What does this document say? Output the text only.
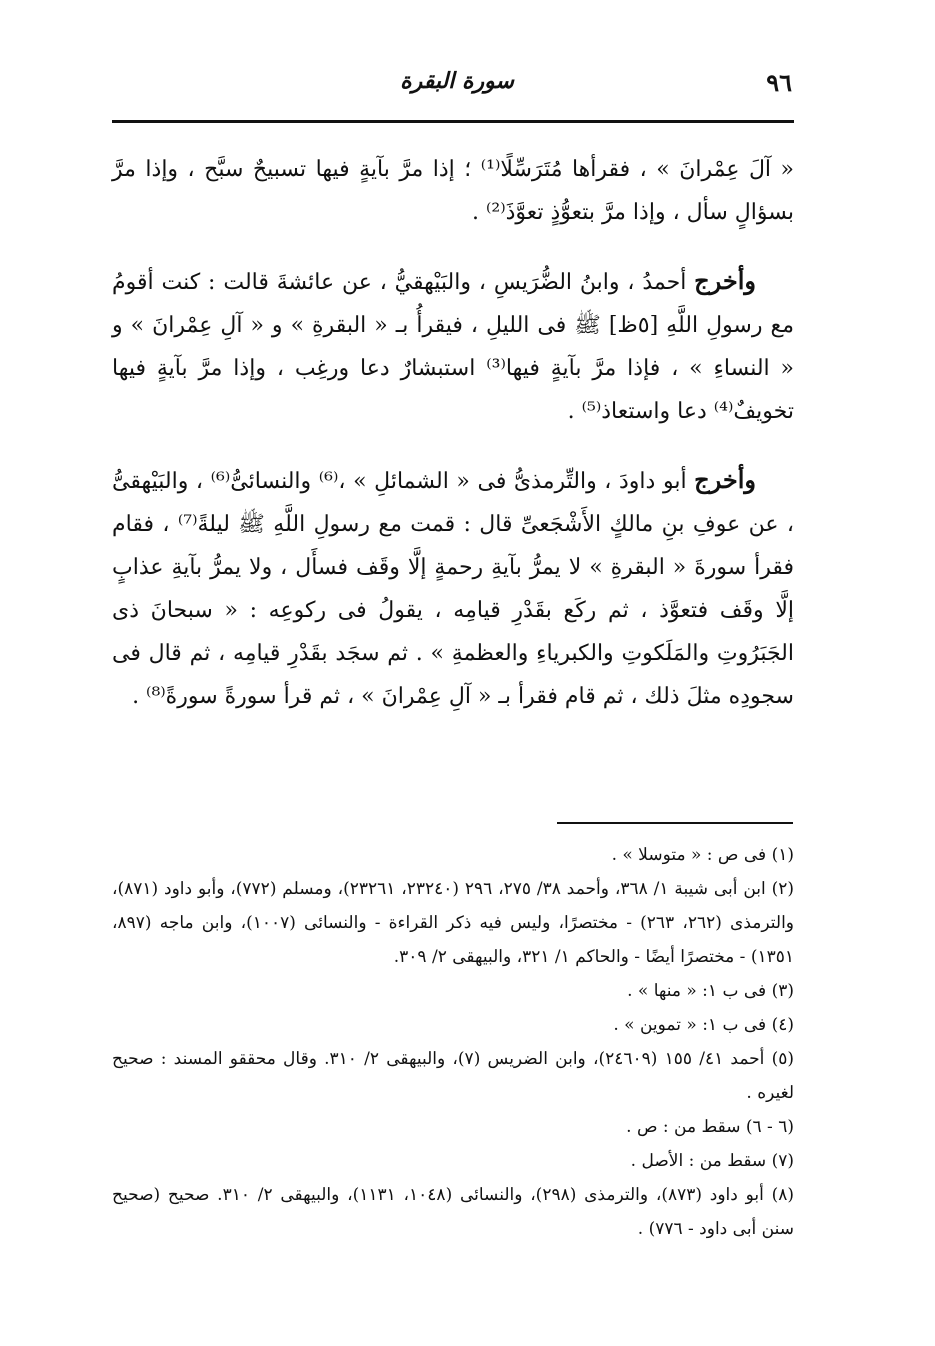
٩٦
سورة البقرة

« آلَ عِمْرانَ » ، فقرأها مُتَرَسِّلًا⁽¹⁾ ؛ إذا مرَّ بآيةٍ فيها تسبيحٌ سبَّح ، وإذا مرَّ بسؤالٍ سأل ، وإذا مرَّ بتعوُّذٍ تعوَّذَ⁽²⁾ .

وأخرج أحمدُ ، وابنُ الضُّرَيسِ ، والبَيْهقيُّ ، عن عائشةَ قالت : كنت أقومُ مع رسولِ اللَّهِ [٥ظ] ﷺ فى الليلِ ، فيقرأُ بـ « البقرةِ » و « آلِ عِمْرانَ » و « النساءِ » ، فإذا مرَّ بآيةٍ فيها⁽³⁾ استبشارٌ دعا ورغِب ، وإذا مرَّ بآيةٍ فيها تخويفٌ⁽⁴⁾ دعا واستعاذ⁽⁵⁾ .

وأخرج أبو داودَ ، والتِّرمذىُّ فى « الشمائلِ » ،⁽⁶⁾ والنسائىُّ⁽⁶⁾ ، والبَيْهقىُّ ، عن عوفِ بنِ مالكٍ الأَشْجَعىِّ قال : قمت مع رسولِ اللَّهِ ﷺ ليلةً⁽⁷⁾ ، فقام فقرأ سورةَ « البقرةِ » لا يمرُّ بآيةِ رحمةٍ إلَّا وقَف فسأَل ، ولا يمرُّ بآيةِ عذابٍ إلَّا وقَف فتعوَّذ ، ثم ركَع بقَدْرِ قيامِه ، يقولُ فى ركوعِه : « سبحانَ ذى الجَبَرُوتِ والمَلَكوتِ والكبرياءِ والعظمةِ » . ثم سجَد بقَدْرِ قيامِه ، ثم قال فى سجودِه مثلَ ذلك ، ثم قام فقرأ بـ « آلِ عِمْرانَ » ، ثم قرأ سورةً سورةً⁽⁸⁾ .

(١) فى ص : « متوسلا » .

(٢) ابن أبى شيبة ١/ ٣٦٨، وأحمد ٣٨/ ٢٧٥، ٢٩٦ (٢٣٢٤٠، ٢٣٢٦١)، ومسلم (٧٧٢)، وأبو داود (٨٧١)، والترمذى (٢٦٢، ٢٦٣) - مختصرًا، وليس فيه ذكر القراءة - والنسائى (١٠٠٧)، وابن ماجه (٨٩٧، ١٣٥١) - مختصرًا أيضًا - والحاكم ١/ ٣٢١، والبيهقى ٢/ ٣٠٩.

(٣) فى ب ١: « منها » .

(٤) فى ب ١: « تموين » .

(٥) أحمد ٤١/ ١٥٥ (٢٤٦٠٩)، وابن الضريس (٧)، والبيهقى ٢/ ٣١٠. وقال محققو المسند : صحيح لغيره .

(٦ - ٦) سقط من : ص .

(٧) سقط من : الأصل .

(٨) أبو داود (٨٧٣)، والترمذى (٢٩٨)، والنسائى (١٠٤٨، ١١٣١)، والبيهقى ٢/ ٣١٠. صحيح (صحيح سنن أبى داود - ٧٧٦) .
